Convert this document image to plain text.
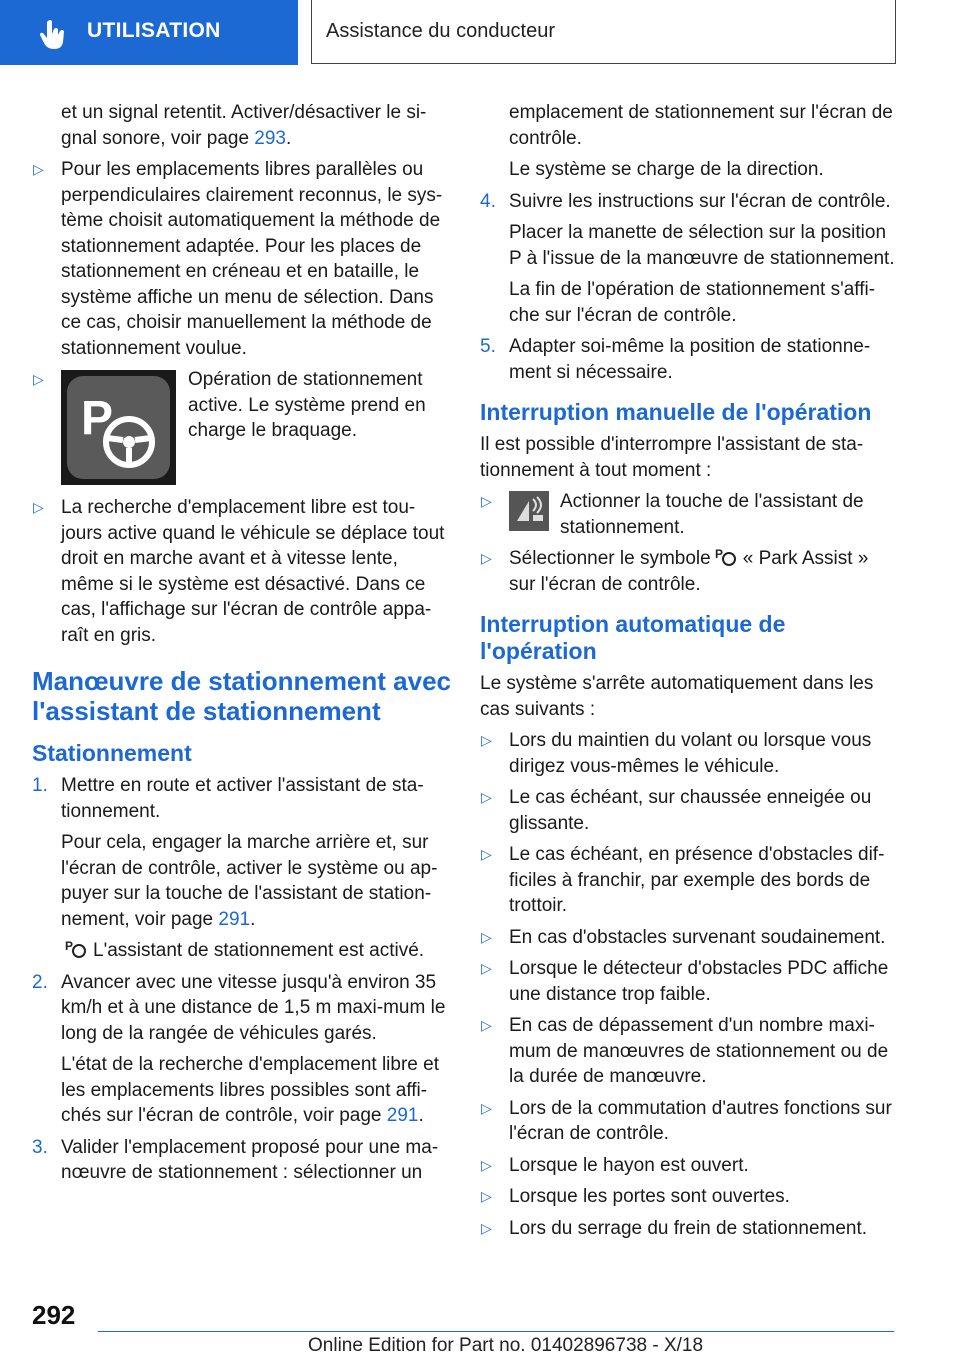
UTILISATION	Assistance du conducteur
et un signal retentit. Activer/désactiver le si-gnal sonore, voir page 293.
▷ Pour les emplacements libres parallèles ou perpendiculaires clairement reconnus, le sys-tème choisit automatiquement la méthode de stationnement adaptée. Pour les places de stationnement en créneau et en bataille, le système affiche un menu de sélection. Dans ce cas, choisir manuellement la méthode de stationnement voulue.
▷
P
Opération de stationnement active. Le système prend en charge le braquage.
▷ La recherche d'emplacement libre est tou-jours active quand le véhicule se déplace tout droit en marche avant et à vitesse lente, même si le système est désactivé. Dans ce cas, l'affichage sur l'écran de contrôle appa-raît en gris.
Manœuvre de stationnement avec l'assistant de stationnement
Stationnement
1. Mettre en route et activer l'assistant de sta-tionnement.
Pour cela, engager la marche arrière et, sur l'écran de contrôle, activer le système ou ap-puyer sur la touche de l'assistant de station-nement, voir page 291.
P L'assistant de stationnement est activé.
2. Avancer avec une vitesse jusqu'à environ 35 km/h et à une distance de 1,5 m maxi-mum le long de la rangée de véhicules garés.
L'état de la recherche d'emplacement libre et les emplacements libres possibles sont affi-chés sur l'écran de contrôle, voir page 291.
3. Valider l'emplacement proposé pour une ma-nœuvre de stationnement : sélectionner un
emplacement de stationnement sur l'écran de contrôle.
Le système se charge de la direction.
4. Suivre les instructions sur l'écran de contrôle.
Placer la manette de sélection sur la position P à l'issue de la manœuvre de stationnement.
La fin de l'opération de stationnement s'affi-che sur l'écran de contrôle.
5. Adapter soi-même la position de stationne-ment si nécessaire.
Interruption manuelle de l'opération
Il est possible d'interrompre l'assistant de sta-tionnement à tout moment :
▷	Actionner la touche de l'assistant de stationnement.
▷ Sélectionner le symbole P « Park Assist » sur l'écran de contrôle.
Interruption automatique de l'opération
Le système s'arrête automatiquement dans les cas suivants :
▷ Lors du maintien du volant ou lorsque vous dirigez vous-mêmes le véhicule.
▷ Le cas échéant, sur chaussée enneigée ou glissante.
▷ Le cas échéant, en présence d'obstacles dif-ficiles à franchir, par exemple des bords de trottoir.
▷ En cas d'obstacles survenant soudainement.
▷ Lorsque le détecteur d'obstacles PDC affiche une distance trop faible.
▷ En cas de dépassement d'un nombre maxi-mum de manœuvres de stationnement ou de la durée de manœuvre.
▷ Lors de la commutation d'autres fonctions sur l'écran de contrôle.
▷ Lorsque le hayon est ouvert.
▷ Lorsque les portes sont ouvertes.
▷ Lors du serrage du frein de stationnement.
292
Online Edition for Part no. 01402896738 - X/18
